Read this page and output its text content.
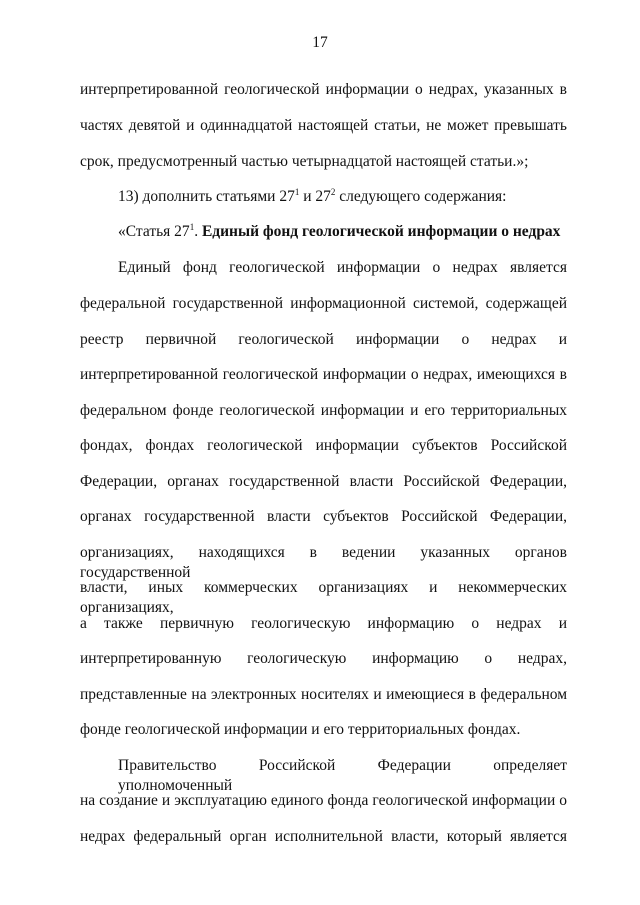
17
интерпретированной геологической информации о недрах, указанных в
частях девятой и одиннадцатой настоящей статьи, не может превышать
срок, предусмотренный частью четырнадцатой настоящей статьи.»;
13) дополнить статьями $27^1$ и $27^2$ следующего содержания:
«Статья $27^1$. Единый фонд геологической информации о недрах
Единый фонд геологической информации о недрах является
федеральной государственной информационной системой, содержащей
реестр первичной геологической информации о недрах и
интерпретированной геологической информации о недрах, имеющихся в
федеральном фонде геологической информации и его территориальных
фондах, фондах геологической информации субъектов Российской
Федерации, органах государственной власти Российской Федерации,
органах государственной власти субъектов Российской Федерации,
организациях, находящихся в ведении указанных органов государственной
власти, иных коммерческих организациях и некоммерческих организациях,
а также первичную геологическую информацию о недрах и
интерпретированную геологическую информацию о недрах,
представленные на электронных носителях и имеющиеся в федеральном
фонде геологической информации и его территориальных фондах.
Правительство Российской Федерации определяет уполномоченный
на создание и эксплуатацию единого фонда геологической информации о
недрах федеральный орган исполнительной власти, который является
